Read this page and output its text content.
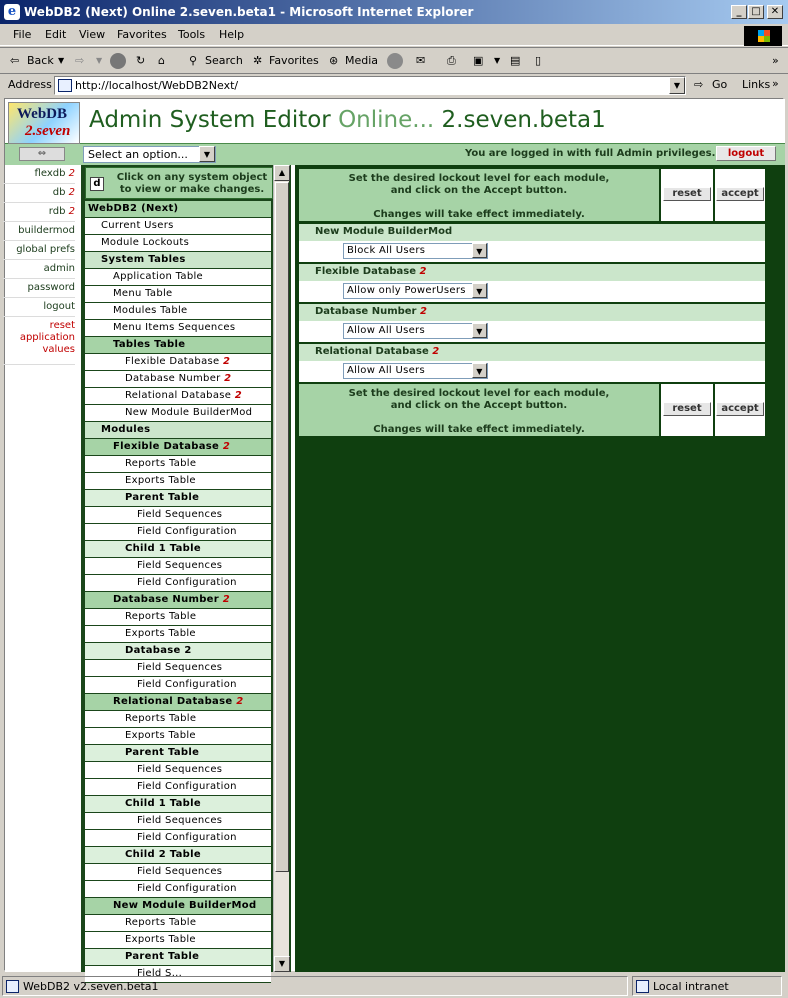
e WebDB2 (Next) Online 2.seven.beta1 - Microsoft Internet Explorer	_ □	✕
File Edit View Favorites Tools Help
⇦ Back ▼ ⇨ ▼	↻ ⌂ ⚲ Search ✲ Favorites ⊛ Media	✉ ⎙ ▣ ▼ ▤ ▯	»
Address	⇨ Go Links »
http://localhost/WebDB2Next/	▼
WebDB
2.seven Admin System Editor Online... 2.seven.beta1
⇔	Select an option...	▼	You are logged in with full Admin privileges.	logout
flexdb 2
db 2
rdb 2
buildermod
global prefs
admin
password
logout
reset application values
d
Click on any system object to view or make changes.
▲
▼
WebDB2 (Next)
Current Users
Module Lockouts
System Tables
Application Table
Menu Table
Modules Table
Menu Items Sequences
Tables Table
Flexible Database 2
Database Number 2
Relational Database 2
New Module BuilderMod
Modules
Flexible Database 2
Reports Table
Exports Table
Parent Table
Field Sequences
Field Configuration
Child 1 Table
Field Sequences
Field Configuration
Database Number 2
Reports Table
Exports Table
Database 2
Field Sequences
Field Configuration
Relational Database 2
Reports Table
Exports Table
Parent Table
Field Sequences
Field Configuration
Child 1 Table
Field Sequences
Field Configuration
Child 2 Table
Field Sequences
Field Configuration
New Module BuilderMod
Reports Table
Exports Table
Parent Table
Field S...
Set the desired lockout level for each module,
and click on the Accept button.
Changes will take effect immediately.
reset	accept
New Module BuilderMod
Block All Users	▼
Flexible Database 2
Allow only PowerUsers	▼
Database Number 2
Allow All Users	▼
Relational Database 2
Allow All Users	▼
Set the desired lockout level for each module,
and click on the Accept button.
Changes will take effect immediately.
reset	accept
WebDB2 v2.seven.beta1	Local intranet
